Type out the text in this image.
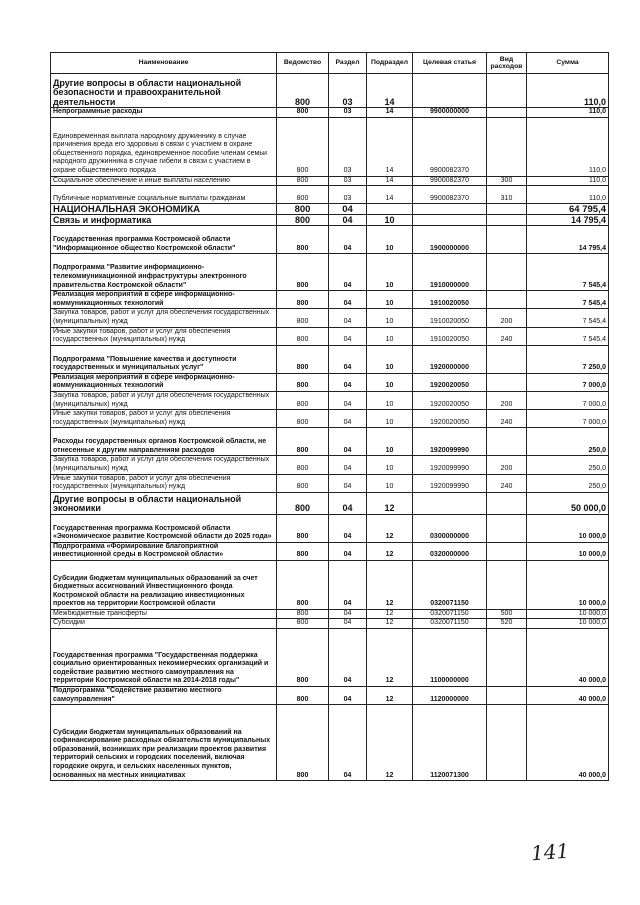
Наименование	Ведомство	Раздел	Подраздел	Целевая статья	Вид расходов	Сумма
Другие вопросы в области национальной безопасности и правоохранительной деятельности	800	03	14			110,0
Непрограммные расходы	800	03	14	9900000000		110,0
Единовременная выплата народному дружиннику в случае причинения вреда его здоровью в связи с участием в охране общественного порядка, единовременное пособие членам семьи народного дружинника в случае гибели в связи с участием в охране общественного порядка	800	03	14	9900082370		110,0
Социальное обеспечение и иные выплаты населению	800	03	14	9900082370	300	110,0
Публичные нормативные социальные выплаты гражданам	800	03	14	9900082370	310	110,0
НАЦИОНАЛЬНАЯ ЭКОНОМИКА	800	04				64 795,4
Связь и информатика	800	04	10			14 795,4
Государственная программа Костромской области "Информационное общество Костромской области"	800	04	10	1900000000		14 795,4
Подпрограмма "Развитие информационно-телекоммуникационной инфраструктуры электронного правительства Костромской области"	800	04	10	1910000000		7 545,4
Реализация мероприятий в сфере информационно-коммуникационных технологий	800	04	10	1910020050		7 545,4
Закупка товаров, работ и услуг для обеспечения государственных (муниципальных) нужд	800	04	10	1910020050	200	7 545,4
Иные закупки товаров, работ и услуг для обеспечения государственных (муниципальных) нужд	800	04	10	1910020050	240	7 545,4
Подпрограмма "Повышение качества и доступности государственных и муниципальных услуг"	800	04	10	1920000000		7 250,0
Реализация мероприятий в сфере информационно-коммуникационных технологий	800	04	10	1920020050		7 000,0
Закупка товаров, работ и услуг для обеспечения государственных (муниципальных) нужд	800	04	10	1920020050	200	7 000,0
Иные закупки товаров, работ и услуг для обеспечения государственных (муниципальных) нужд	800	04	10	1920020050	240	7 000,0
Расходы государственных органов Костромской области, не отнесенные к другим направлениям расходов	800	04	10	1920099990		250,0
Закупка товаров, работ и услуг для обеспечения государственных (муниципальных) нужд	800	04	10	1920099990	200	250,0
Иные закупки товаров, работ и услуг для обеспечения государственных (муниципальных) нужд	800	04	10	1920099990	240	250,0
Другие вопросы в области национальной экономики	800	04	12			50 000,0
Государственная программа Костромской области «Экономическое развитие Костромской области до 2025 года»	800	04	12	0300000000		10 000,0
Подпрограмма «Формирование благоприятной инвестиционной среды в Костромской области»	800	04	12	0320000000		10 000,0
Субсидии бюджетам муниципальных образований за счет бюджетных ассигнований Инвестиционного фонда Костромской области на реализацию инвестиционных проектов на территории Костромской области	800	04	12	0320071150		10 000,0
Межбюджетные трансферты	800	04	12	0320071150	500	10 000,0
Субсидии	800	04	12	0320071150	520	10 000,0
Государственная программа "Государственная поддержка социально ориентированных некоммерческих организаций и содействие развитию местного самоуправления на территории Костромской области на 2014-2018 годы"	800	04	12	1100000000		40 000,0
Подпрограмма "Содействие развитию местного самоуправления"	800	04	12	1120000000		40 000,0
Субсидии бюджетам муниципальных образований на софинансирование расходных обязательств муниципальных образований, возникших при реализации проектов развития территорий сельских и городских поселений, включая городские округа, и сельских населенных пунктов, основанных на местных инициативах	800	04	12	1120071300		40 000,0
141
